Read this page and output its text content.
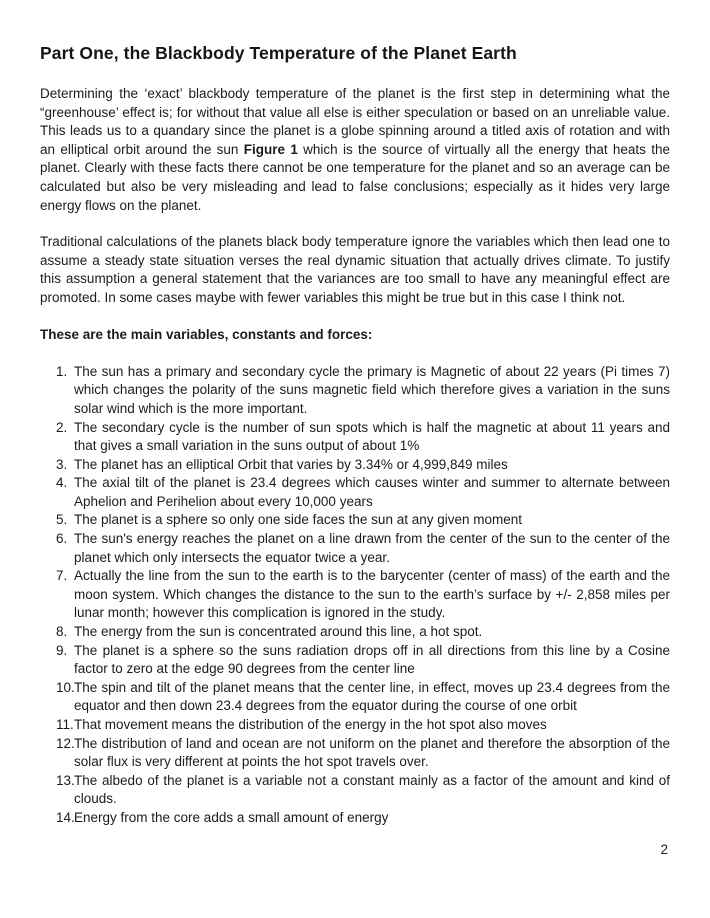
Part One, the Blackbody Temperature of the Planet Earth

Determining the ‘exact’ blackbody temperature of the planet is the first step in determining what the “greenhouse’ effect is; for without that value all else is either speculation or based on an unreliable value. This leads us to a quandary since the planet is a globe spinning around a titled axis of rotation and with an elliptical orbit around the sun Figure 1 which is the source of virtually all the energy that heats the planet. Clearly with these facts there cannot be one temperature for the planet and so an average can be calculated but also be very misleading and lead to false conclusions; especially as it hides very large energy flows on the planet.

Traditional calculations of the planets black body temperature ignore the variables which then lead one to assume a steady state situation verses the real dynamic situation that actually drives climate. To justify this assumption a general statement that the variances are too small to have any meaningful effect are promoted. In some cases maybe with fewer variables this might be true but in this case I think not.

These are the main variables, constants and forces:
1. The sun has a primary and secondary cycle the primary is Magnetic of about 22 years (Pi times 7) which changes the polarity of the suns magnetic field which therefore gives a variation in the suns solar wind which is the more important.
2. The secondary cycle is the number of sun spots which is half the magnetic at about 11 years and that gives a small variation in the suns output of about 1%
3. The planet has an elliptical Orbit that varies by 3.34% or 4,999,849 miles
4. The axial tilt of the planet is 23.4 degrees which causes winter and summer to alternate between Aphelion and Perihelion about every 10,000 years
5. The planet is a sphere so only one side faces the sun at any given moment
6. The sun's energy reaches the planet on a line drawn from the center of the sun to the center of the planet which only intersects the equator twice a year.
7. Actually the line from the sun to the earth is to the barycenter (center of mass) of the earth and the moon system. Which changes the distance to the sun to the earth’s surface by +/- 2,858 miles per lunar month; however this complication is ignored in the study.
8. The energy from the sun is concentrated around this line, a hot spot.
9. The planet is a sphere so the suns radiation drops off in all directions from this line by a Cosine factor to zero at the edge 90 degrees from the center line
10. The spin and tilt of the planet means that the center line, in effect, moves up 23.4 degrees from the equator and then down 23.4 degrees from the equator during the course of one orbit
11. That movement means the distribution of the energy in the hot spot also moves
12. The distribution of land and ocean are not uniform on the planet and therefore the absorption of the solar flux is very different at points the hot spot travels over.
13. The albedo of the planet is a variable not a constant mainly as a factor of the amount and kind of clouds.
14. Energy from the core adds a small amount of energy
2
